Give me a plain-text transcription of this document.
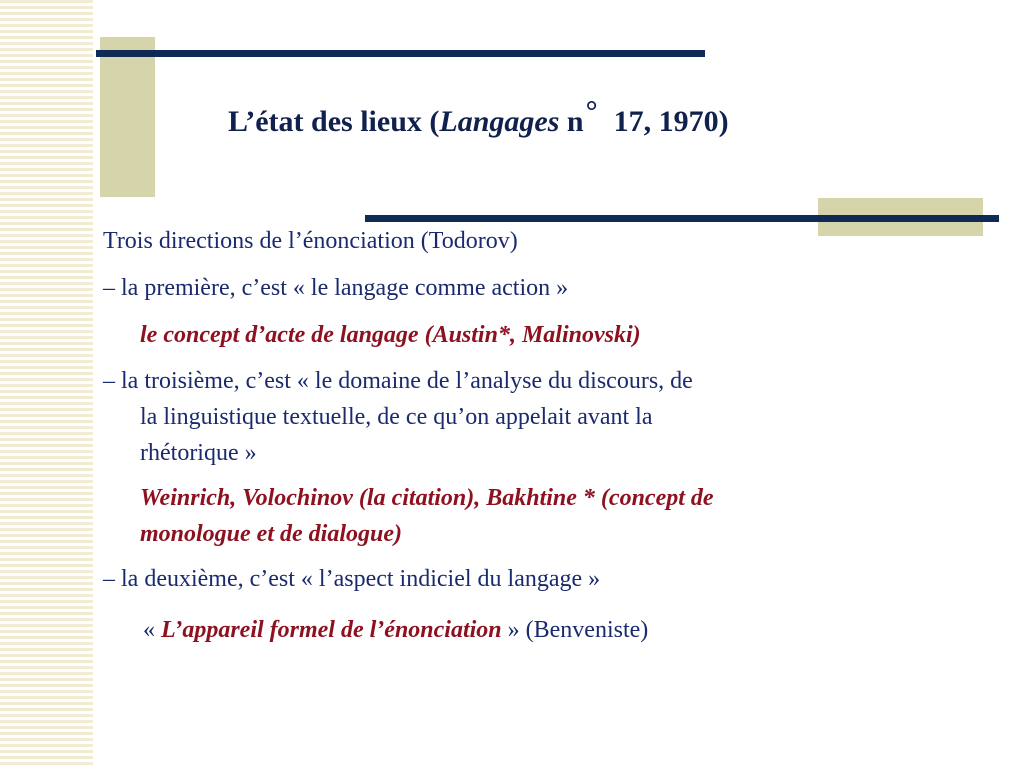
L’état des lieux (Langages n° 17, 1970)
Trois directions de l’énonciation (Todorov)
– la première, c’est « le langage comme action »
le concept d’acte de langage (Austin*, Malinovski)
– la troisième, c’est « le domaine de l’analyse du discours, de
la linguistique textuelle, de ce qu’on appelait avant la
rhétorique »
Weinrich, Volochinov (la citation), Bakhtine * (concept de
monologue et de dialogue)
– la deuxième, c’est « l’aspect indiciel du langage »
« L’appareil formel de l’énonciation » (Benveniste)
